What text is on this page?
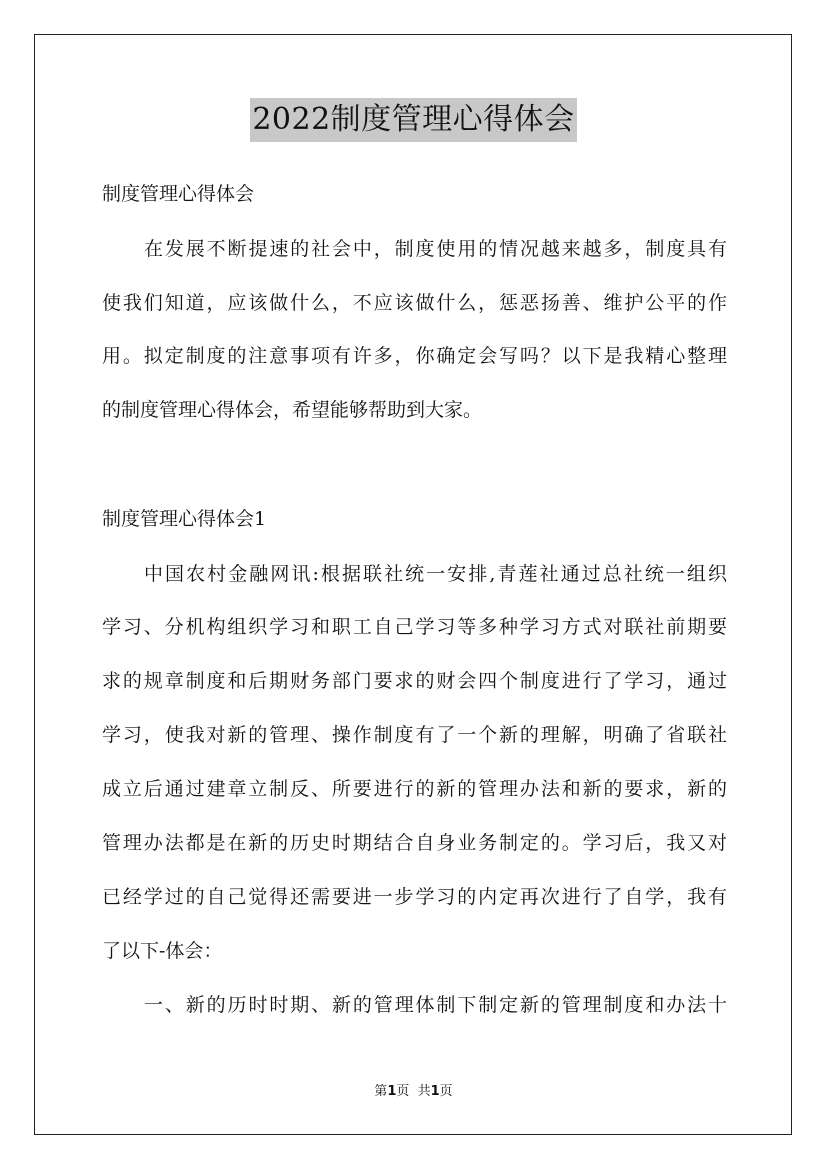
2022制度管理心得体会
制度管理心得体会
在发展不断提速的社会中，制度使用的情况越来越多，制度具有
使我们知道，应该做什么，不应该做什么，惩恶扬善、维护公平的作
用。拟定制度的注意事项有许多，你确定会写吗？以下是我精心整理
的制度管理心得体会，希望能够帮助到大家。
制度管理心得体会1
中国农村金融网讯:根据联社统一安排,青莲社通过总社统一组织
学习、分机构组织学习和职工自己学习等多种学习方式对联社前期要
求的规章制度和后期财务部门要求的财会四个制度进行了学习，通过
学习，使我对新的管理、操作制度有了一个新的理解，明确了省联社
成立后通过建章立制反、所要进行的新的管理办法和新的要求，新的
管理办法都是在新的历史时期结合自身业务制定的。学习后，我又对
已经学过的自己觉得还需要进一步学习的内定再次进行了自学，我有
了以下-体会：
一、新的历时时期、新的管理体制下制定新的管理制度和办法十
第1页  共1页
